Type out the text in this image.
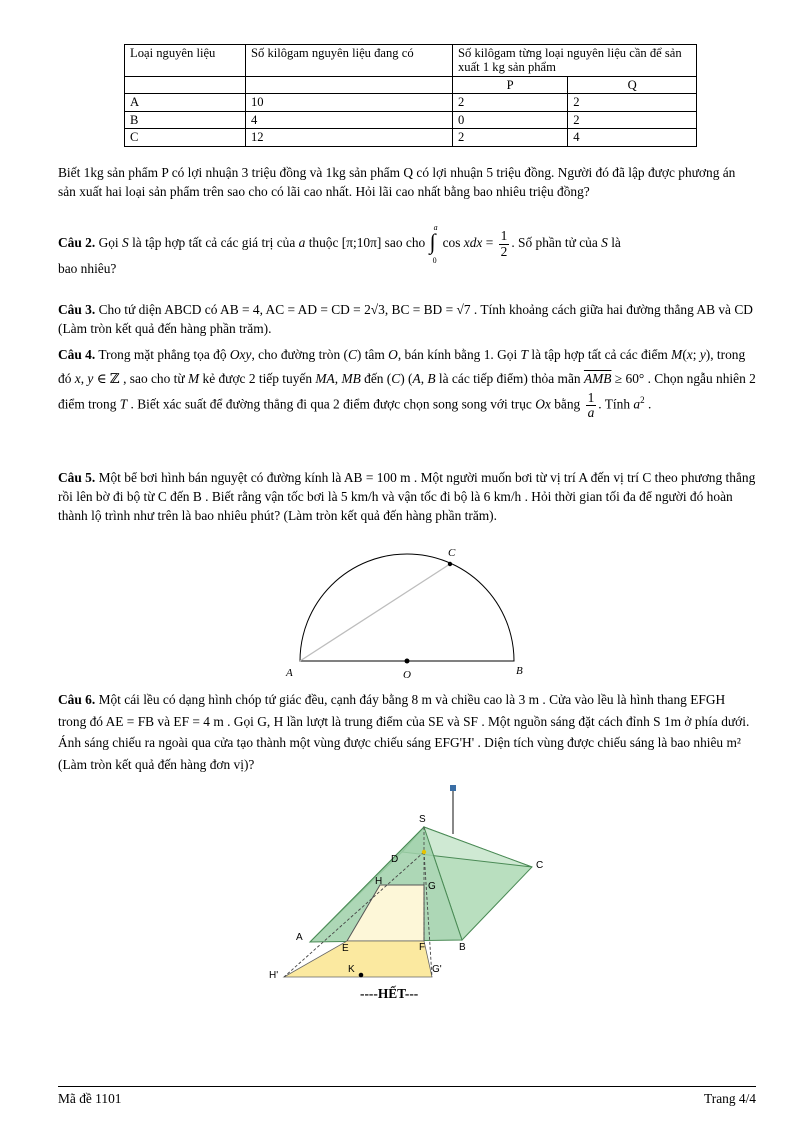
Loại nguyên liệu	Số kilôgam nguyên liệu đang có	Số kilôgam từng loại nguyên liệu cần để sản xuất 1 kg sản phẩm	
		P	Q
A	10	2	2
B	4	0	2
C	12	2	4
Biết 1kg sản phẩm P có lợi nhuận 3 triệu đồng và 1kg sản phẩm Q có lợi nhuận 5 triệu đồng. Người đó đã lập được phương án sản xuất hai loại sản phẩm trên sao cho có lãi cao nhất. Hỏi lãi cao nhất bằng bao nhiêu triệu đồng?
Câu 2. Gọi S là tập hợp tất cả các giá trị của a thuộc [π;10π] sao cho
a
∫
0
cos xdx = $\frac{1}{2}$ . Số phần tử của S là
bao nhiêu?
Câu 3. Cho tứ diện ABCD có AB = 4, AC = AD = CD = 2√3, BC = BD = √7 . Tính khoảng cách giữa hai đường thẳng AB và CD (Làm tròn kết quả đến hàng phần trăm).
Câu 4. Trong mặt phẳng tọa độ Oxy, cho đường tròn (C) tâm O, bán kính bằng 1. Gọi T là tập hợp tất cả các điểm M(x; y), trong đó x, y ∈ ℤ , sao cho từ M kẻ được 2 tiếp tuyến MA, MB đến (C) (A, B là các tiếp điểm) thỏa mãn $\overline{AMB} \ge 60^\circ$ . Chọn ngẫu nhiên 2 điểm trong T . Biết xác suất để đường thẳng đi qua 2 điểm được chọn song song với trục Ox bằng $\frac{1}{a}$ . Tính $a^2$ .
Câu 5. Một bể bơi hình bán nguyệt có đường kính là AB = 100 m . Một người muốn bơi từ vị trí A đến vị trí C theo phương thẳng rồi lên bờ đi bộ từ C đến B . Biết rằng vận tốc bơi là 5 km/h và vận tốc đi bộ là 6 km/h . Hỏi thời gian tối đa để người đó hoàn thành lộ trình như trên là bao nhiêu phút? (Làm tròn kết quả đến hàng phần trăm).
C
A	O	B
Câu 6. Một cái lều có dạng hình chóp tứ giác đều, cạnh đáy bằng 8 m và chiều cao là 3 m . Cửa vào lều là hình thang EFGH trong đó AE = FB và EF = 4 m . Gọi G, H lần lượt là trung điểm của SE và SF . Một nguồn sáng đặt cách đỉnh S 1m ở phía dưới. Ánh sáng chiếu ra ngoài qua cửa tạo thành một vùng được chiếu sáng EFG'H' . Diện tích vùng được chiếu sáng là bao nhiêu m² (Làm tròn kết quả đến hàng đơn vị)?
S
D
C
H	G
A
E	F	B
H'
K	G'
----HẾT---
Mã đề 1101	Trang 4/4
